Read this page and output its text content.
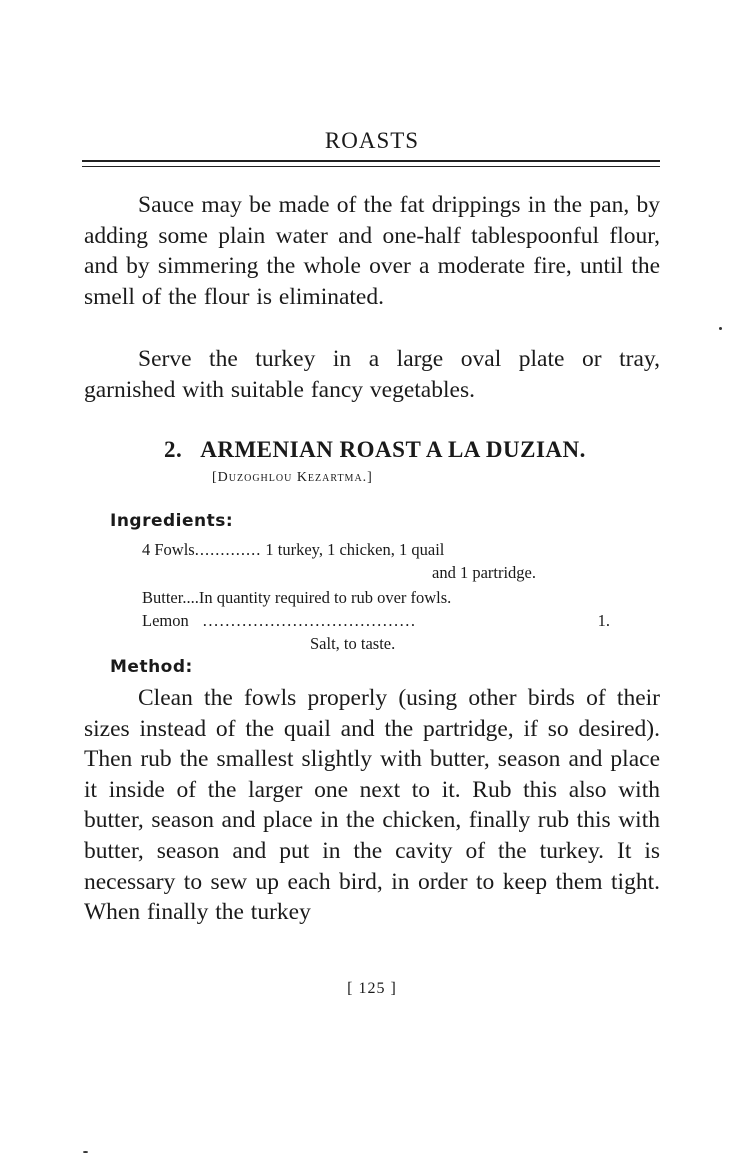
ROASTS

Sauce may be made of the fat drippings in the pan, by adding some plain water and one-half tablespoonful flour, and by simmering the whole over a moderate fire, until the smell of the flour is eliminated.

Serve the turkey in a large oval plate or tray, garnished with suitable fancy vegetables.

2. ARMENIAN ROAST A LA DUZIAN.
[Duzoghlou Kezartma.]
Ingredients:
4 Fowls ............. 1 turkey, 1 chicken, 1 quail
and 1 partridge.
Butter....In quantity required to rub over fowls.
Lemon ......................................	1.
Salt, to taste.
Method:

Clean the fowls properly (using other birds of their sizes instead of the quail and the partridge, if so desired). Then rub the smallest slightly with butter, season and place it inside of the larger one next to it. Rub this also with butter, season and place in the chicken, finally rub this with butter, season and put in the cavity of the turkey. It is necessary to sew up each bird, in order to keep them tight. When finally the turkey

[ 125 ]
